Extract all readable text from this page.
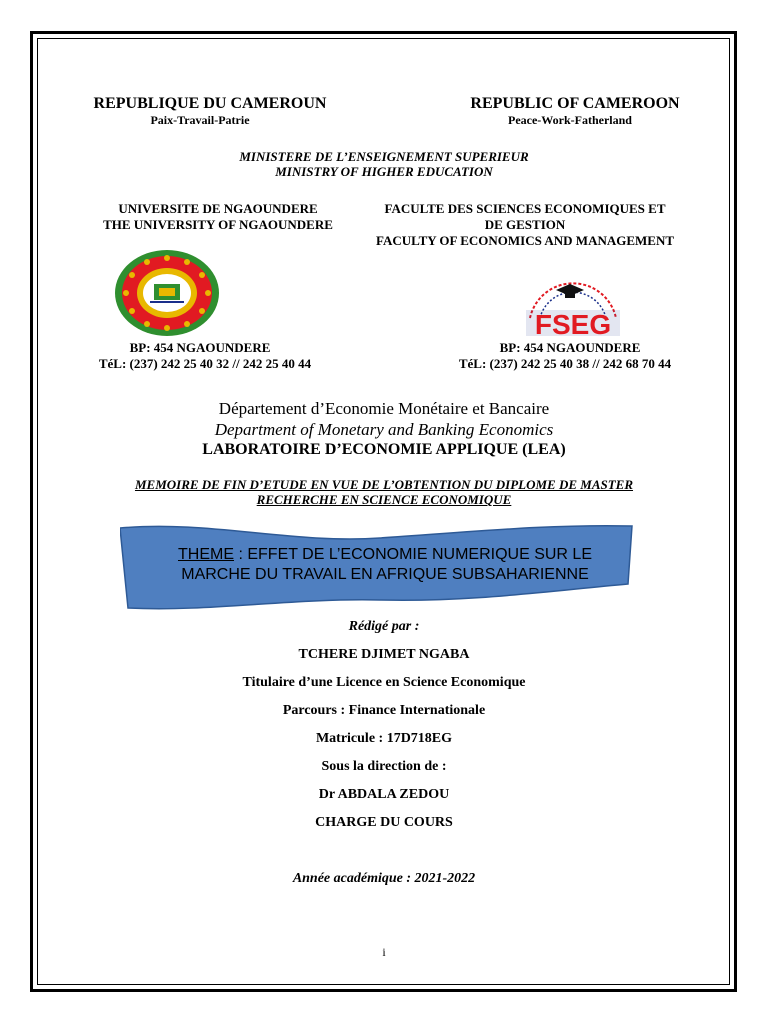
REPUBLIQUE DU CAMEROUN
Paix-Travail-Patrie
REPUBLIC OF CAMEROON
Peace-Work-Fatherland
MINISTERE DE L’ENSEIGNEMENT SUPERIEUR
MINISTRY OF HIGHER EDUCATION
UNIVERSITE DE NGAOUNDERE
THE UNIVERSITY OF NGAOUNDERE
FACULTE DES SCIENCES ECONOMIQUES ET
DE GESTION
FACULTY OF ECONOMICS AND MANAGEMENT
FSEG
BP: 454 NGAOUNDERE
TéL: (237) 242 25 40 32 // 242 25 40 44
BP: 454 NGAOUNDERE
TéL: (237) 242 25 40 38 // 242 68 70 44
Département d’Economie Monétaire et Bancaire
Department of Monetary and Banking Economics
LABORATOIRE D’ECONOMIE APPLIQUE (LEA)
MEMOIRE DE FIN D’ETUDE EN VUE DE L’OBTENTION DU DIPLOME DE MASTER
RECHERCHE EN SCIENCE ECONOMIQUE
THEME : EFFET DE L’ECONOMIE NUMERIQUE SUR LE
MARCHE DU TRAVAIL EN AFRIQUE SUBSAHARIENNE
Rédigé par :
TCHERE DJIMET NGABA
Titulaire d’une Licence en Science Economique
Parcours : Finance Internationale
Matricule : 17D718EG
Sous la direction de :
Dr ABDALA ZEDOU
CHARGE DU COURS
Année académique : 2021-2022
i
